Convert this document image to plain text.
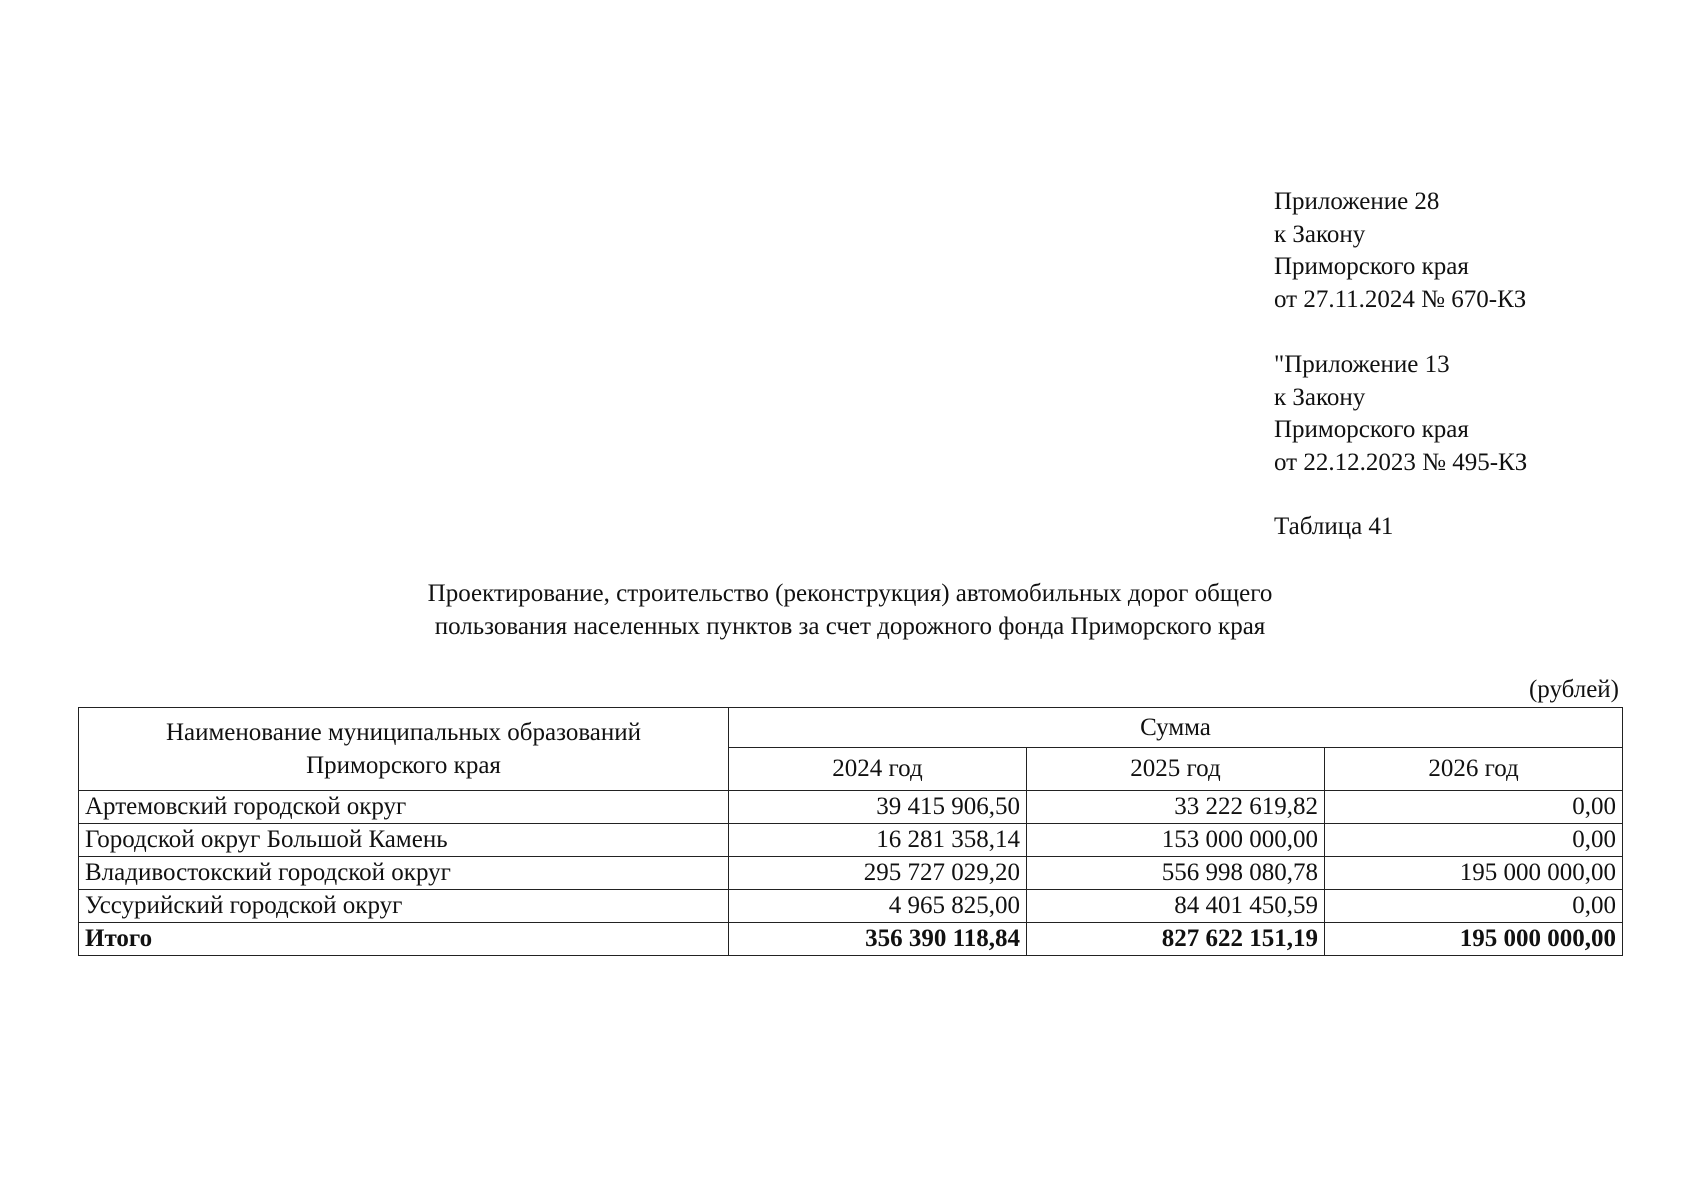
Приложение 28
к Закону
Приморского края
от 27.11.2024 № 670-КЗ
"Приложение 13
к Закону
Приморского края
от 22.12.2023 № 495-КЗ
Таблица 41
Проектирование, строительство (реконструкция) автомобильных дорог общего
пользования населенных пунктов за счет дорожного фонда Приморского края
(рублей)
Наименование муниципальных образований
Приморского края	Сумма		
	2024 год	2025 год	2026 год
Артемовский городской округ	39 415 906,50	33 222 619,82	0,00
Городской округ Большой Камень	16 281 358,14	153 000 000,00	0,00
Владивостокский городской округ	295 727 029,20	556 998 080,78	195 000 000,00
Уссурийский городской округ	4 965 825,00	84 401 450,59	0,00
Итого	356 390 118,84	827 622 151,19	195 000 000,00
